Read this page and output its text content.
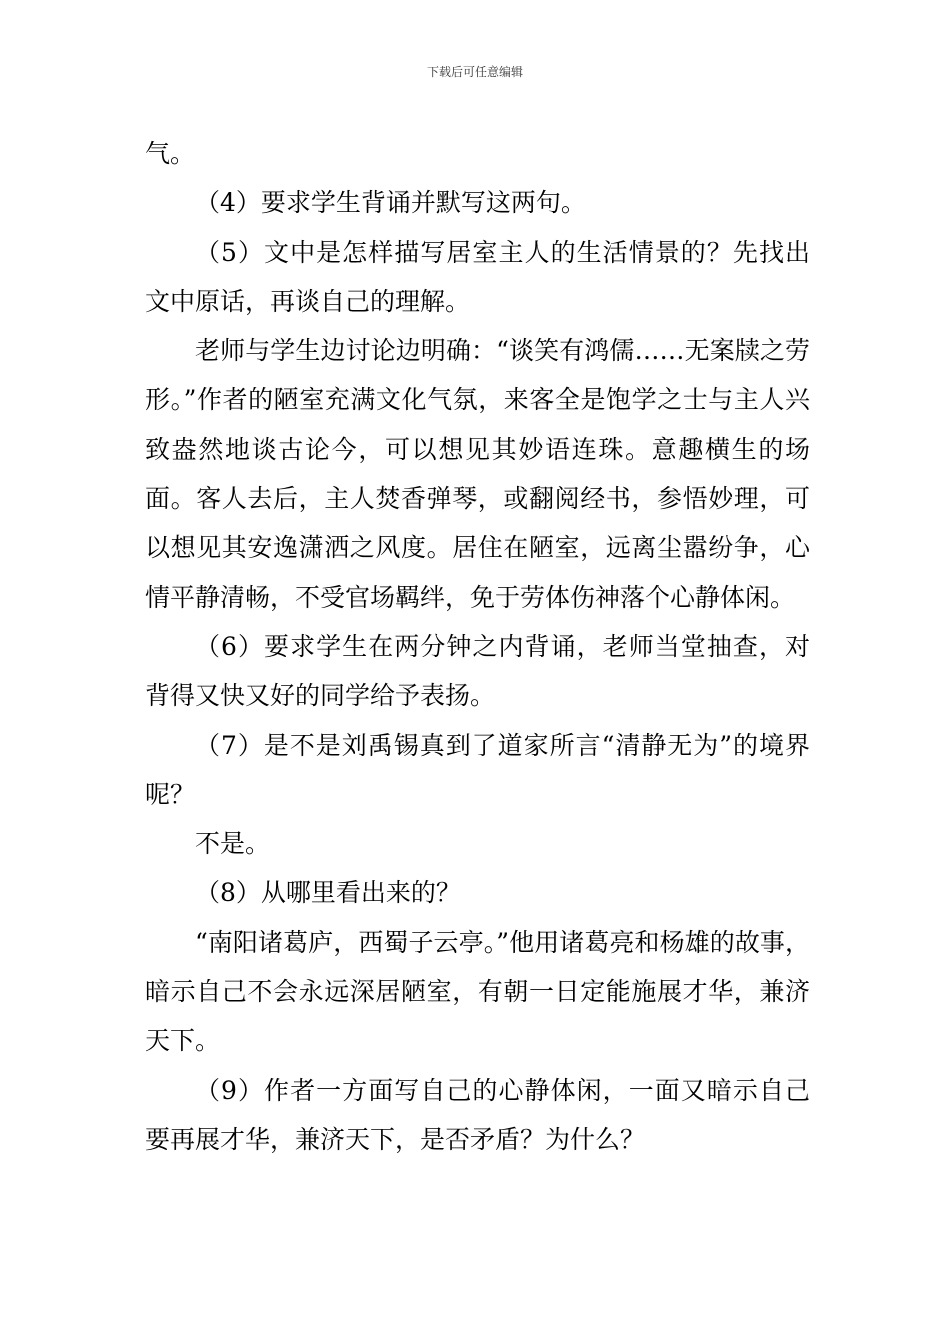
下载后可任意编辑

气。

（4）要求学生背诵并默写这两句。

（5）文中是怎样描写居室主人的生活情景的？先找出文中原话，再谈自己的理解。

老师与学生边讨论边明确：“谈笑有鸿儒……无案牍之劳形。”作者的陋室充满文化气氛，来客全是饱学之士与主人兴致盎然地谈古论今，可以想见其妙语连珠。意趣横生的场面。客人去后，主人焚香弹琴，或翻阅经书，参悟妙理，可以想见其安逸潇洒之风度。居住在陋室，远离尘嚣纷争，心情平静清畅，不受官场羁绊，免于劳体伤神落个心静体闲。

（6）要求学生在两分钟之内背诵，老师当堂抽查，对背得又快又好的同学给予表扬。

（7）是不是刘禹锡真到了道家所言“清静无为”的境界呢？

不是。

（8）从哪里看出来的？

“南阳诸葛庐，西蜀子云亭。”他用诸葛亮和杨雄的故事，暗示自己不会永远深居陋室，有朝一日定能施展才华，兼济天下。

（9）作者一方面写自己的心静体闲，一面又暗示自己要再展才华，兼济天下，是否矛盾？为什么？
